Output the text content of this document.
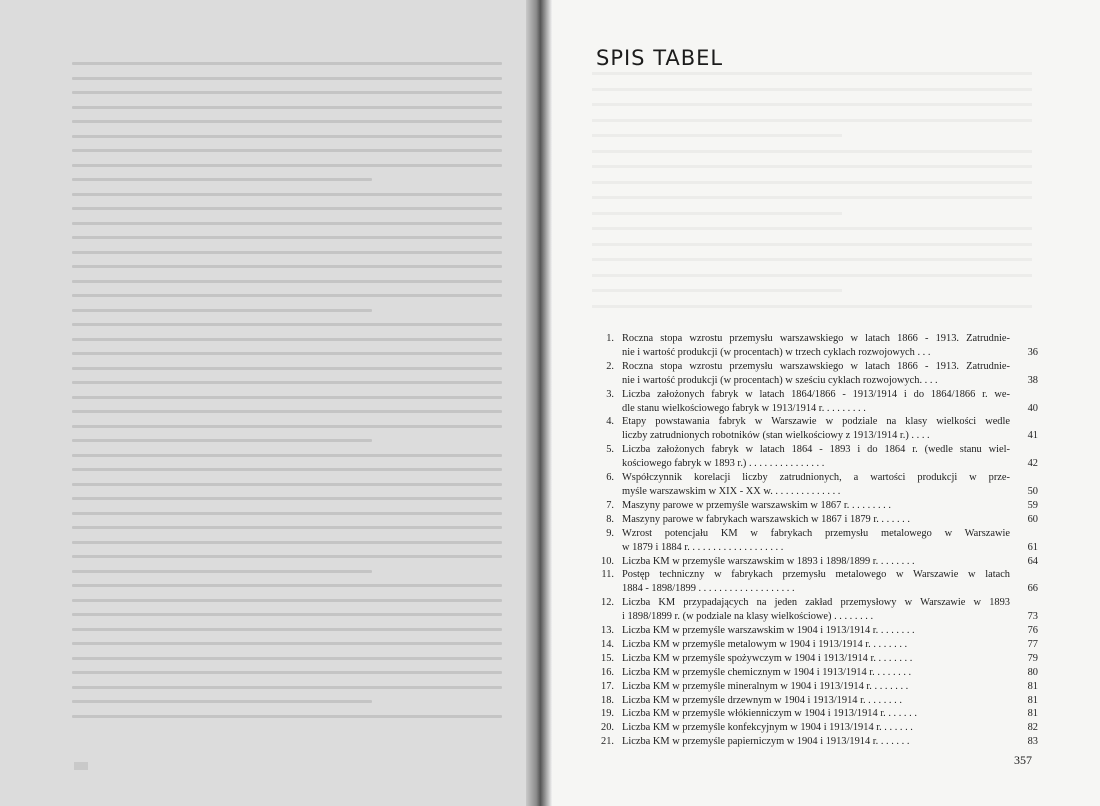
SPIS TABEL
1. Roczna stopa wzrostu przemysłu warszawskiego w latach 1866 - 1913. Zatrudnie-
nie i wartość produkcji (w procentach) w trzech cyklach rozwojowych . . .	36
2. Roczna stopa wzrostu przemysłu warszawskiego w latach 1866 - 1913. Zatrudnie-
nie i wartość produkcji (w procentach) w sześciu cyklach rozwojowych. . . .	38
3. Liczba założonych fabryk w latach 1864/1866 - 1913/1914 i do 1864/1866 r. we-
dle stanu wielkościowego fabryk w 1913/1914 r. . . . . . . . .	40
4. Etapy powstawania fabryk w Warszawie w podziale na klasy wielkości wedle
liczby zatrudnionych robotników (stan wielkościowy z 1913/1914 r.) . . . .	41
5. Liczba założonych fabryk w latach 1864 - 1893 i do 1864 r. (wedle stanu wiel-
kościowego fabryk w 1893 r.) . . . . . . . . . . . . . . .	42
6. Współczynnik korelacji liczby zatrudnionych, a wartości produkcji w prze-
myśle warszawskim w XIX - XX w. . . . . . . . . . . . . .	50
7. Maszyny parowe w przemyśle warszawskim w 1867 r. . . . . . . . .	59
8. Maszyny parowe w fabrykach warszawskich w 1867 i 1879 r. . . . . . .	60
9. Wzrost potencjału KM w fabrykach przemysłu metalowego w Warszawie
w 1879 i 1884 r. . . . . . . . . . . . . . . . . . .	61
10. Liczba KM w przemyśle warszawskim w 1893 i 1898/1899 r. . . . . . . .	64
11. Postęp techniczny w fabrykach przemysłu metalowego w Warszawie w latach
1884 - 1898/1899 . . . . . . . . . . . . . . . . . . .	66
12. Liczba KM przypadających na jeden zakład przemysłowy w Warszawie w 1893
i 1898/1899 r. (w podziale na klasy wielkościowe) . . . . . . . .	73
13. Liczba KM w przemyśle warszawskim w 1904 i 1913/1914 r. . . . . . . .	76
14. Liczba KM w przemyśle metalowym w 1904 i 1913/1914 r. . . . . . . .	77
15. Liczba KM w przemyśle spożywczym w 1904 i 1913/1914 r. . . . . . . .	79
16. Liczba KM w przemyśle chemicznym w 1904 i 1913/1914 r. . . . . . . .	80
17. Liczba KM w przemyśle mineralnym w 1904 i 1913/1914 r. . . . . . . .	81
18. Liczba KM w przemyśle drzewnym w 1904 i 1913/1914 r. . . . . . . .	81
19. Liczba KM w przemyśle włókienniczym w 1904 i 1913/1914 r. . . . . . .	81
20. Liczba KM w przemyśle konfekcyjnym w 1904 i 1913/1914 r. . . . . . .	82
21. Liczba KM w przemyśle papierniczym w 1904 i 1913/1914 r. . . . . . .	83
357
